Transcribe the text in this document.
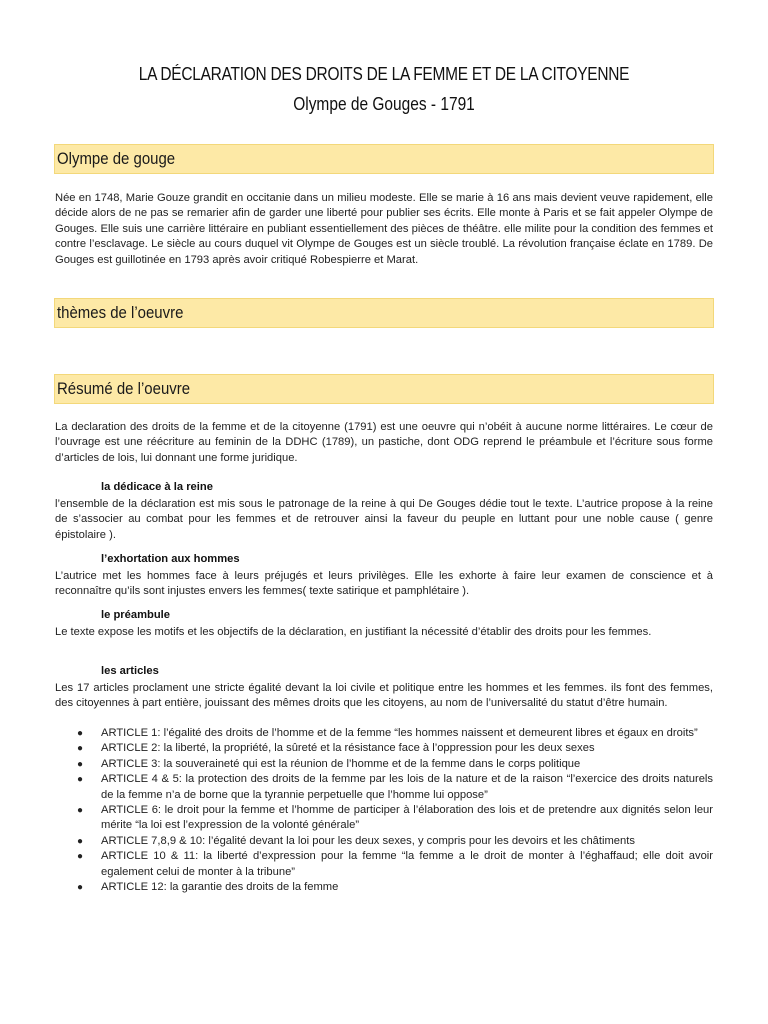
LA DÉCLARATION DES DROITS DE LA FEMME ET DE LA CITOYENNE
Olympe de Gouges - 1791
Olympe de gouge
Née en 1748, Marie Gouze grandit en occitanie dans un milieu modeste. Elle se marie à 16 ans mais devient veuve rapidement, elle décide alors de ne pas se remarier afin de garder une liberté pour publier ses écrits. Elle monte à Paris et se fait appeler Olympe de Gouges. Elle suis une carrière littéraire en publiant essentiellement des pièces de théâtre. elle milite pour la condition des femmes et contre l’esclavage. Le siècle au cours duquel vit Olympe de Gouges est un siècle troublé. La révolution française éclate en 1789. De Gouges est guillotinée en 1793 après avoir critiqué Robespierre et Marat.
thèmes de l’oeuvre
Résumé de l’oeuvre
La declaration des droits de la femme et de la citoyenne (1791) est une oeuvre qui n’obéit à aucune norme littéraires. Le cœur de l’ouvrage est une réécriture au feminin de la DDHC (1789), un pastiche, dont ODG reprend le préambule et l’écriture sous forme d’articles de lois, lui donnant une forme juridique.
la dédicace à la reine
l’ensemble de la déclaration est mis sous le patronage de la reine à qui De Gouges dédie tout le texte. L’autrice propose à la reine de s’associer au combat pour les femmes et de retrouver ainsi la faveur du peuple en luttant pour une noble cause ( genre épistolaire ).
l’exhortation aux hommes
L’autrice met les hommes face à leurs préjugés et leurs privilèges. Elle les exhorte à faire leur examen de conscience et à reconnaître qu’ils sont injustes envers les femmes( texte satirique et pamphlétaire ).
le préambule
Le texte expose les motifs et les objectifs de la déclaration, en justifiant la nécessité d’établir des droits pour les femmes.
les articles
Les 17 articles proclament une stricte égalité devant la loi civile et politique entre les hommes et les femmes. ils font des femmes, des citoyennes à part entière, jouissant des mêmes droits que les citoyens, au nom de l’universalité du statut d’être humain.
● ARTICLE 1: l’égalité des droits de l’homme et de la femme “les hommes naissent et demeurent libres et égaux en droits”
● ARTICLE 2: la liberté, la propriété, la sûreté et la résistance face à l’oppression pour les deux sexes
● ARTICLE 3: la souveraineté qui est la réunion de l’homme et de la femme dans le corps politique
● ARTICLE 4 & 5: la protection des droits de la femme par les lois de la nature et de la raison “l’exercice des droits naturels de la femme n’a de borne que la tyrannie perpetuelle que l’homme lui oppose”
● ARTICLE 6: le droit pour la femme et l’homme de participer à l’élaboration des lois et de pretendre aux dignités selon leur mérite “la loi est l’expression de la volonté générale”
● ARTICLE 7,8,9 & 10: l’égalité devant la loi pour les deux sexes, y compris pour les devoirs et les châtiments
● ARTICLE 10 & 11: la liberté d’expression pour la femme “la femme a le droit de monter à l’éghaffaud; elle doit avoir egalement celui de monter à la tribune”
● ARTICLE 12: la garantie des droits de la femme
